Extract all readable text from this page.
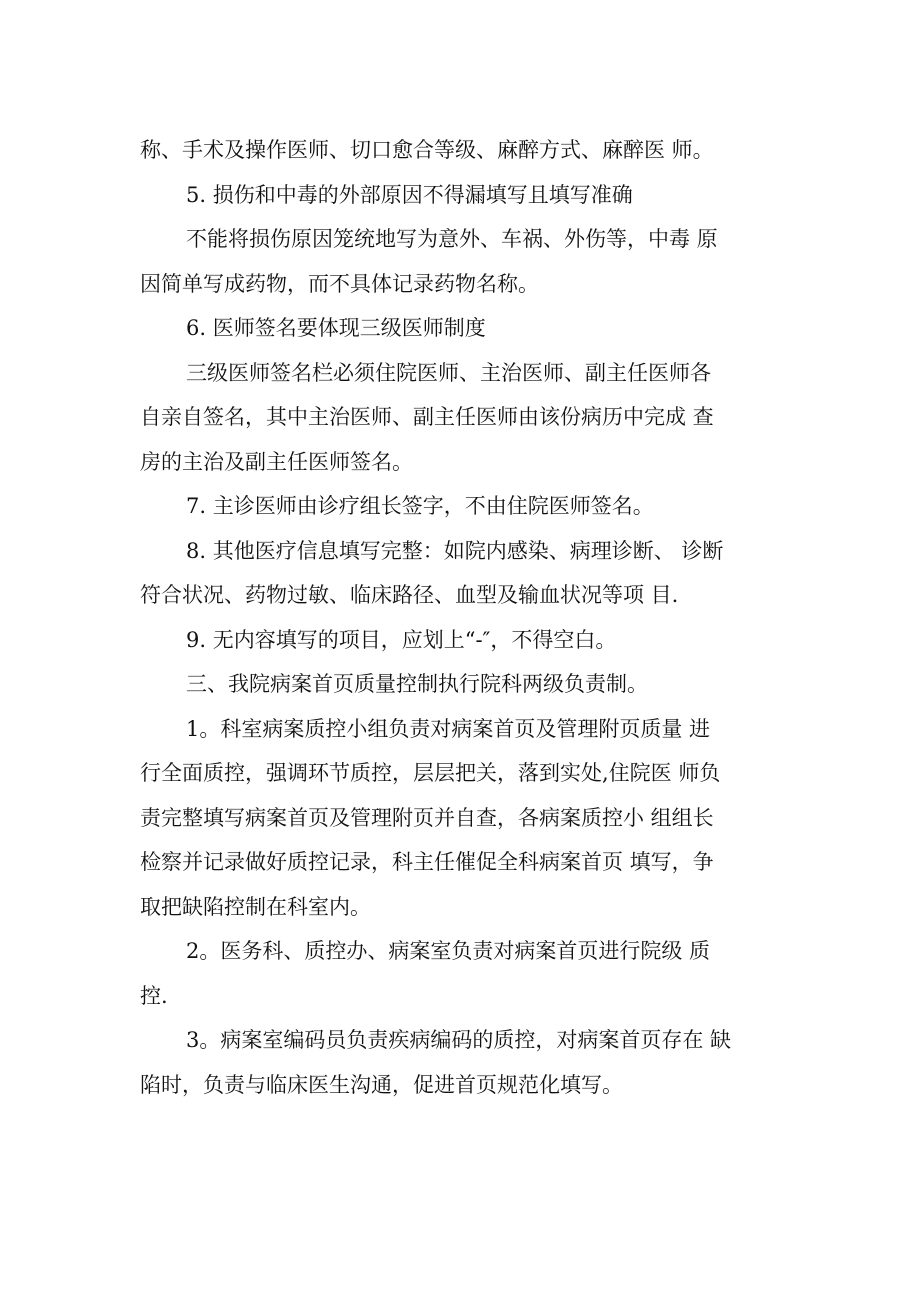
称、手术及操作医师、切口愈合等级、麻醉方式、麻醉医 师。
5. 损伤和中毒的外部原因不得漏填写且填写准确
不能将损伤原因笼统地写为意外、车祸、外伤等，中毒 原
因简单写成药物，而不具体记录药物名称。
6. 医师签名要体现三级医师制度
三级医师签名栏必须住院医师、主治医师、副主任医师各
自亲自签名，其中主治医师、副主任医师由该份病历中完成 查
房的主治及副主任医师签名。
7. 主诊医师由诊疗组长签字，不由住院医师签名。
8. 其他医疗信息填写完整：如院内感染、病理诊断、 诊断
符合状况、药物过敏、临床路径、血型及输血状况等项 目.
9. 无内容填写的项目，应划上“-″，不得空白。
三、我院病案首页质量控制执行院科两级负责制。
1。科室病案质控小组负责对病案首页及管理附页质量 进
行全面质控，强调环节质控，层层把关，落到实处,住院医 师负
责完整填写病案首页及管理附页并自查，各病案质控小 组组长
检察并记录做好质控记录，科主任催促全科病案首页 填写，争
取把缺陷控制在科室内。
2。医务科、质控办、病案室负责对病案首页进行院级 质
控.
3。病案室编码员负责疾病编码的质控，对病案首页存在 缺
陷时，负责与临床医生沟通，促进首页规范化填写。
